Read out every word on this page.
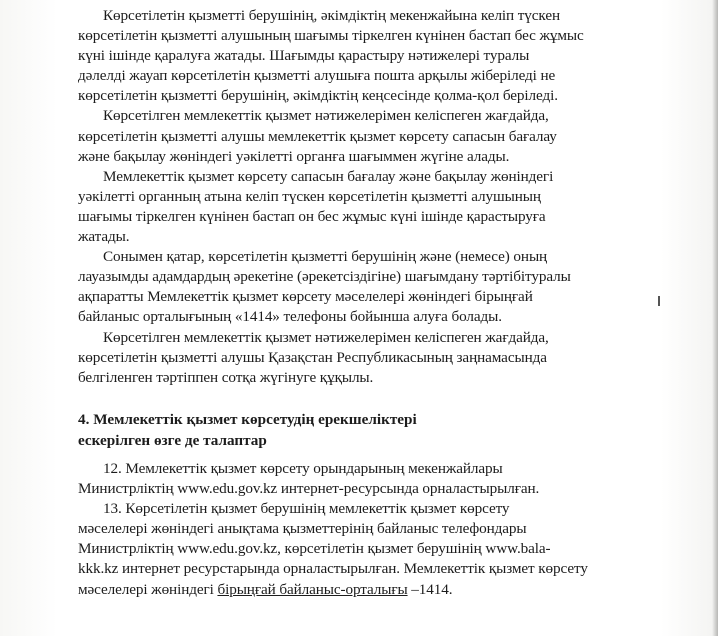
Көрсетілетін қызметті берушінің, әкімдіктің мекенжайына келіп түскен
көрсетілетін қызметті алушының шағымы тіркелген күнінен бастап бес жұмыс
күні ішінде қаралуға жатады. Шағымды қарастыру нәтижелері туралы
дәлелді жауап көрсетілетін қызметті алушыға пошта арқылы жіберіледі не
көрсетілетін қызметті берушінің, әкімдіктің кеңсесінде қолма-қол беріледі.

Көрсетілген мемлекеттік қызмет нәтижелерімен келіспеген жағдайда,
көрсетілетін қызметті алушы мемлекеттік қызмет көрсету сапасын бағалау
және бақылау жөніндегі уәкілетті органға шағыммен жүгіне алады.

Мемлекеттік қызмет көрсету сапасын бағалау және бақылау жөніндегі
уәкілетті органның атына келіп түскен көрсетілетін қызметті алушының
шағымы тіркелген күнінен бастап он бес жұмыс күні ішінде қарастыруға
жатады.

Сонымен қатар, көрсетілетін қызметті берушінің және (немесе) оның
лауазымды адамдардың әрекетіне (әрекетсіздігіне) шағымдану тәртібітуралы
ақпаратты Мемлекеттік қызмет көрсету мәселелері жөніндегі бірыңғай
байланыс орталығының «1414» телефоны бойынша алуға болады.

Көрсетілген мемлекеттік қызмет нәтижелерімен келіспеген жағдайда,
көрсетілетін қызметті алушы Қазақстан Республикасының заңнамасында
белгіленген тәртіппен сотқа жүгінуге құқылы.

4. Мемлекеттік қызмет көрсетудің ерекшеліктері
ескерілген өзге де талаптар

12. Мемлекеттік қызмет көрсету орындарының мекенжайлары
Министрліктің www.edu.gov.kz интернет-ресурсында орналастырылған.

13. Көрсетілетін қызмет берушінің мемлекеттік қызмет көрсету
мәселелері жөніндегі анықтама қызметтерінің байланыс телефондары
Министрліктің www.edu.gov.kz, көрсетілетін қызмет берушінің www.bala-
kkk.kz интернет ресурстарында орналастырылған. Мемлекеттік қызмет көрсету
мәселелері жөніндегі бірыңғай байланыс-орталығы –1414.
